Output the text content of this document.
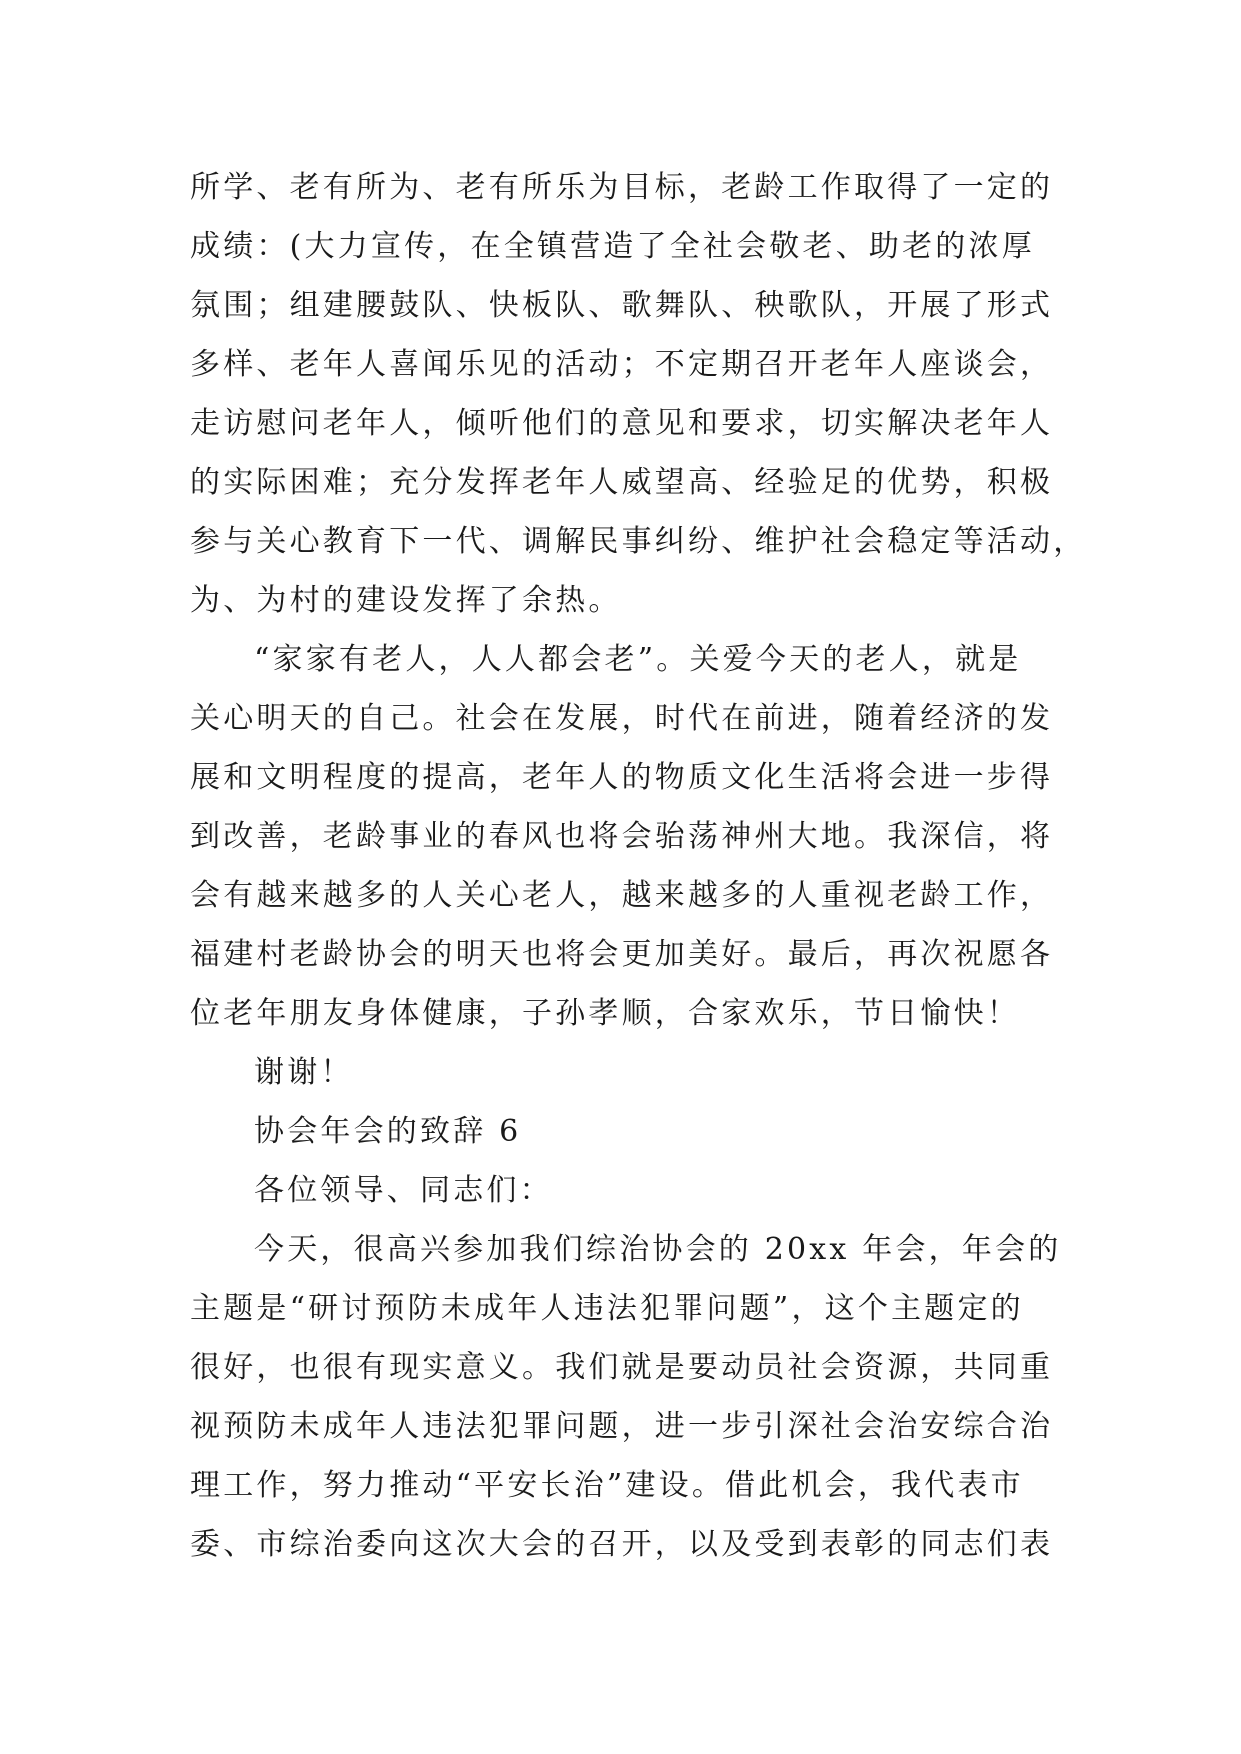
所学、老有所为、老有所乐为目标，老龄工作取得了一定的
成绩：(大力宣传，在全镇营造了全社会敬老、助老的浓厚
氛围；组建腰鼓队、快板队、歌舞队、秧歌队，开展了形式
多样、老年人喜闻乐见的活动；不定期召开老年人座谈会，
走访慰问老年人，倾听他们的意见和要求，切实解决老年人
的实际困难；充分发挥老年人威望高、经验足的优势，积极
参与关心教育下一代、调解民事纠纷、维护社会稳定等活动，
为、为村的建设发挥了余热。
“家家有老人，人人都会老”。关爱今天的老人，就是
关心明天的自己。社会在发展，时代在前进，随着经济的发
展和文明程度的提高，老年人的物质文化生活将会进一步得
到改善，老龄事业的春风也将会骀荡神州大地。我深信，将
会有越来越多的人关心老人，越来越多的人重视老龄工作，
福建村老龄协会的明天也将会更加美好。最后，再次祝愿各
位老年朋友身体健康，子孙孝顺，合家欢乐，节日愉快！
谢谢！
协会年会的致辞 6
各位领导、同志们：
今天，很高兴参加我们综治协会的 20xx 年会，年会的
主题是“研讨预防未成年人违法犯罪问题”，这个主题定的
很好，也很有现实意义。我们就是要动员社会资源，共同重
视预防未成年人违法犯罪问题，进一步引深社会治安综合治
理工作，努力推动“平安长治”建设。借此机会，我代表市
委、市综治委向这次大会的召开，以及受到表彰的同志们表
